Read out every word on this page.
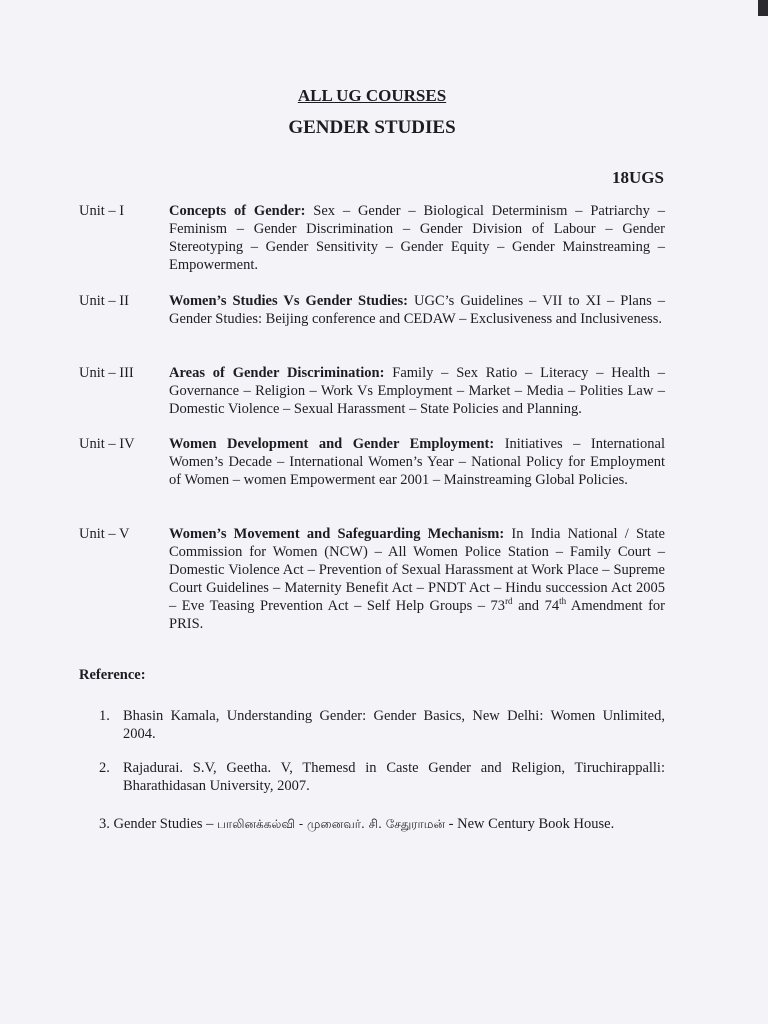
ALL UG COURSES
GENDER STUDIES
18UGS
Unit – I	Concepts of Gender: Sex – Gender – Biological Determinism – Patriarchy – Feminism – Gender Discrimination – Gender Division of Labour – Gender Stereotyping – Gender Sensitivity – Gender Equity – Gender Mainstreaming – Empowerment.
Unit – II	Women’s Studies Vs Gender Studies: UGC’s Guidelines – VII to XI – Plans – Gender Studies: Beijing conference and CEDAW – Exclusiveness and Inclusiveness.
Unit – III Areas of Gender Discrimination: Family – Sex Ratio – Literacy – Health – Governance – Religion – Work Vs Employment – Market – Media – Polities Law – Domestic Violence – Sexual Harassment – State Policies and Planning.
Unit – IV Women Development and Gender Employment: Initiatives – International Women’s Decade – International Women’s Year – National Policy for Employment of Women – women Empowerment ear 2001 – Mainstreaming Global Policies.
Unit – V	Women’s Movement and Safeguarding Mechanism: In India National / State Commission for Women (NCW) – All Women Police Station – Family Court – Domestic Violence Act – Prevention of Sexual Harassment at Work Place – Supreme Court Guidelines – Maternity Benefit Act – PNDT Act – Hindu succession Act 2005 – Eve Teasing Prevention Act – Self Help Groups – 73rd and 74th Amendment for PRIS.
Reference:
1. Bhasin Kamala, Understanding Gender: Gender Basics, New Delhi: Women Unlimited, 2004.
2. Rajadurai. S.V, Geetha. V, Themesd in Caste Gender and Religion, Tiruchirappalli: Bharathidasan University, 2007.
3. Gender Studies – பாலினக்கல்வி - முனைவர். சி. சேதுராமன் - New Century Book House.
